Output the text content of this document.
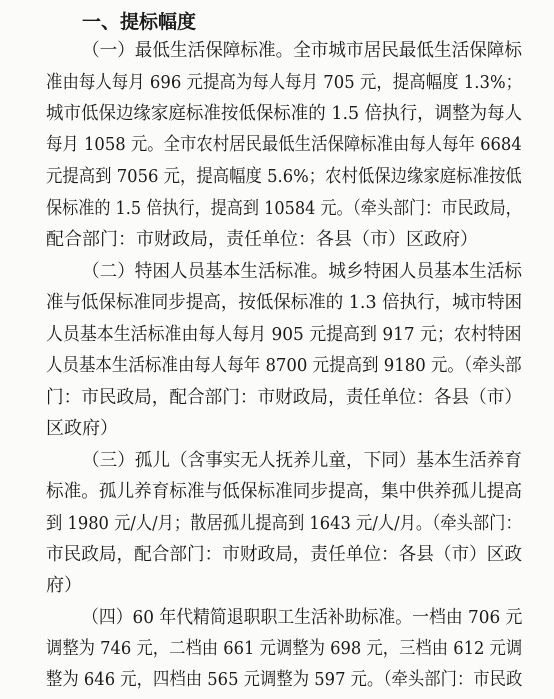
一、提标幅度
（一）最低生活保障标准。全市城市居民最低生活保障标
准由每人每月 696 元提高为每人每月 705 元，提高幅度 1.3%；
城市低保边缘家庭标准按低保标准的 1.5 倍执行，调整为每人
每月 1058 元。全市农村居民最低生活保障标准由每人每年 6684
元提高到 7056 元，提高幅度 5.6%；农村低保边缘家庭标准按低
保标准的 1.5 倍执行，提高到 10584 元。（牵头部门：市民政局，
配合部门：市财政局，责任单位：各县（市）区政府）
（二）特困人员基本生活标准。城乡特困人员基本生活标
准与低保标准同步提高，按低保标准的 1.3 倍执行，城市特困
人员基本生活标准由每人每月 905 元提高到 917 元；农村特困
人员基本生活标准由每人每年 8700 元提高到 9180 元。（牵头部
门：市民政局，配合部门：市财政局，责任单位：各县（市）
区政府）
（三）孤儿（含事实无人抚养儿童，下同）基本生活养育
标准。孤儿养育标准与低保标准同步提高，集中供养孤儿提高
到 1980 元/人/月；散居孤儿提高到 1643 元/人/月。（牵头部门：
市民政局，配合部门：市财政局，责任单位：各县（市）区政
府）
（四）60 年代精简退职职工生活补助标准。一档由 706 元
调整为 746 元，二档由 661 元调整为 698 元，三档由 612 元调
整为 646 元，四档由 565 元调整为 597 元。（牵头部门：市民政
